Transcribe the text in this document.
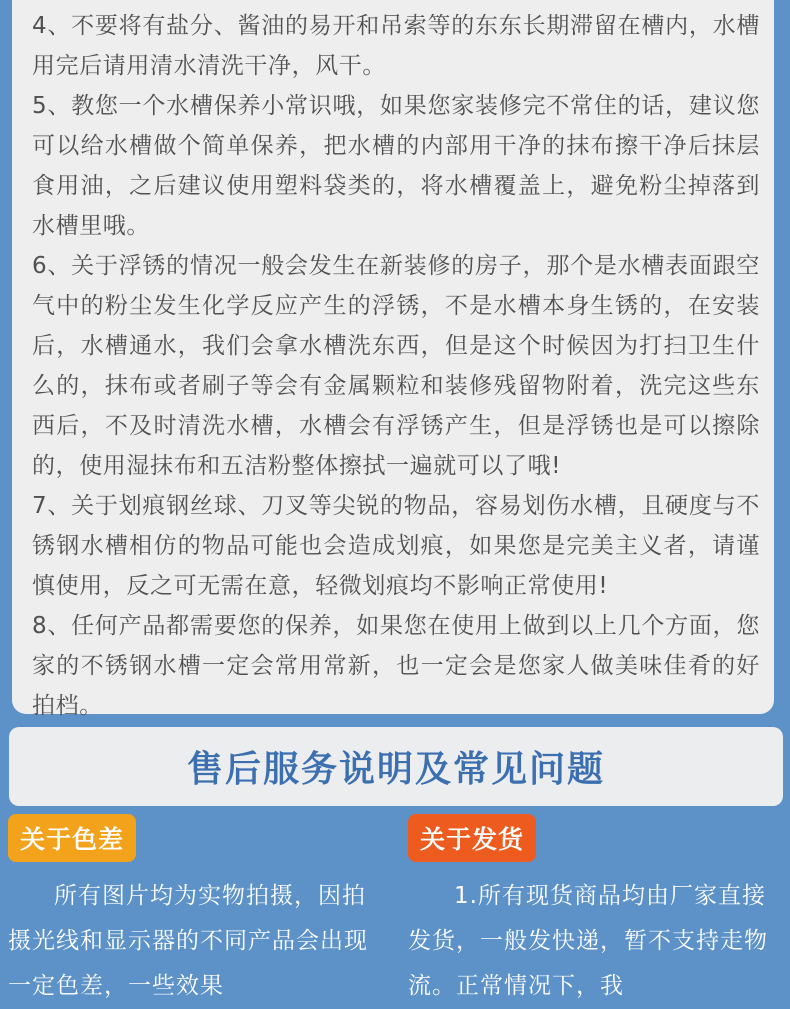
4、不要将有盐分、酱油的易开和吊索等的东东长期滞留在槽内，水槽用完后请用清水清洗干净，风干。

5、教您一个水槽保养小常识哦，如果您家装修完不常住的话，建议您可以给水槽做个简单保养，把水槽的内部用干净的抹布擦干净后抹层食用油，之后建议使用塑料袋类的，将水槽覆盖上，避免粉尘掉落到水槽里哦。

6、关于浮锈的情况一般会发生在新装修的房子，那个是水槽表面跟空气中的粉尘发生化学反应产生的浮锈，不是水槽本身生锈的，在安装后，水槽通水，我们会拿水槽洗东西，但是这个时候因为打扫卫生什么的，抹布或者刷子等会有金属颗粒和装修残留物附着，洗完这些东西后，不及时清洗水槽，水槽会有浮锈产生，但是浮锈也是可以擦除的，使用湿抹布和五洁粉整体擦拭一遍就可以了哦!

7、关于划痕钢丝球、刀叉等尖锐的物品，容易划伤水槽，且硬度与不锈钢水槽相仿的物品可能也会造成划痕，如果您是完美主义者，请谨慎使用，反之可无需在意，轻微划痕均不影响正常使用!

8、任何产品都需要您的保养，如果您在使用上做到以上几个方面，您家的不锈钢水槽一定会常用常新，也一定会是您家人做美味佳肴的好拍档。

售后服务说明及常见问题
关于色差

所有图片均为实物拍摄，因拍摄光线和显示器的不同产品会出现一定色差，一些效果

关于发货

1.所有现货商品均由厂家直接发货，一般发快递，暂不支持走物流。正常情况下，我
